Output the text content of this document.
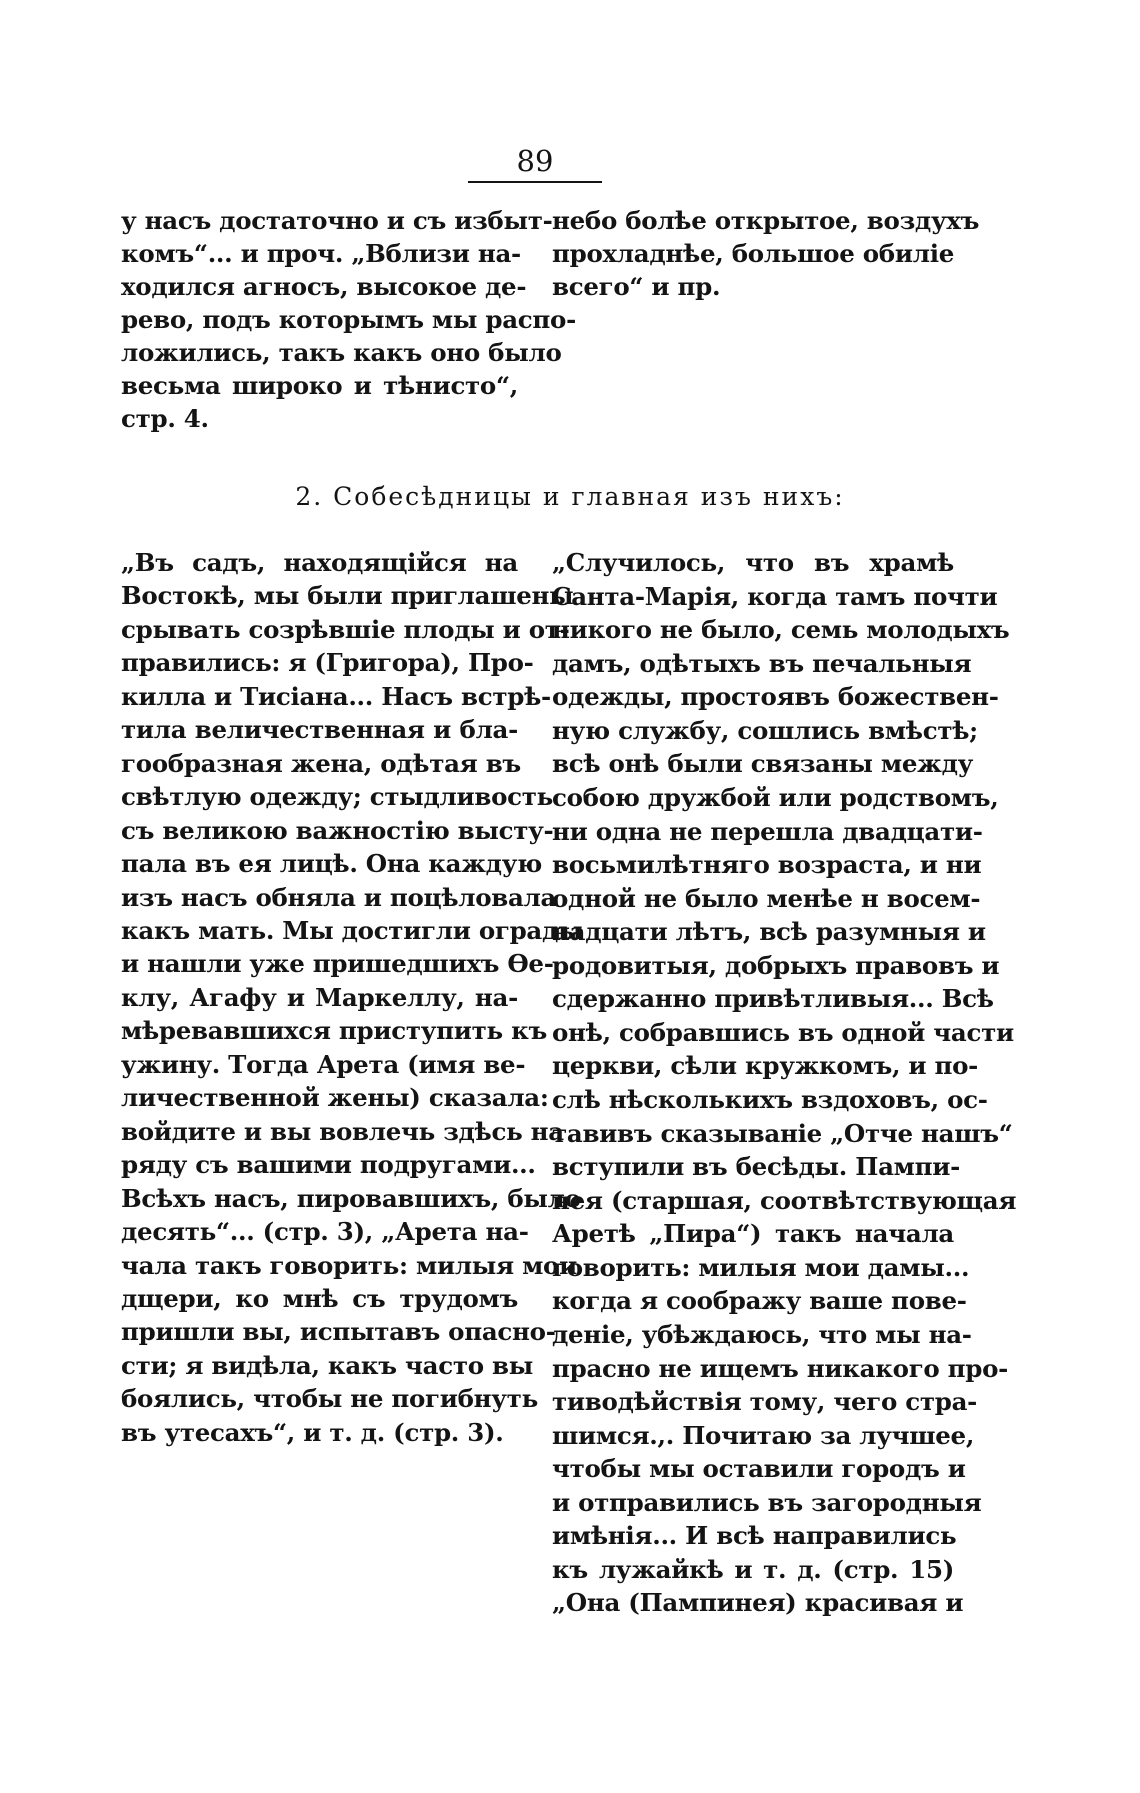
89
у насъ достаточно и съ избыт-
комъ“... и проч. „Вблизи на-
ходился агносъ, высокое де-
рево, подъ которымъ мы распо-
ложились, такъ какъ оно было
весьма широко и тѣнисто“,
стр. 4.
небо болѣе открытое, воздухъ
прохладнѣе, большое обиліе
всего“ и пр.
2. Собесѣдницы и главная изъ нихъ:
„Въ садъ, находящійся на
Востокѣ, мы были приглашены
срывать созрѣвшіе плоды и от-
правились: я (Григора), Про-
килла и Тисіана... Насъ встрѣ-
тила величественная и бла-
гообразная жена, одѣтая въ
свѣтлую одежду; стыдливость
съ великою важностію высту-
пала въ ея лицѣ. Она каждую
изъ насъ обняла и поцѣловала
какъ мать. Мы достигли ограды
и нашли уже пришедшихъ Ѳе-
клу, Агафу и Маркеллу, на-
мѣревавшихся приступить къ
ужину. Тогда Арета (имя ве-
личественной жены) сказала:
войдите и вы вовлечь здѣсь на
ряду съ вашими подругами...
Всѣхъ насъ, пировавшихъ, было
десять“... (стр. 3), „Арета на-
чала такъ говорить: милыя мои
дщери, ко мнѣ съ трудомъ
пришли вы, испытавъ опасно-
сти; я видѣла, какъ часто вы
боялись, чтобы не погибнуть
въ утесахъ“, и т. д. (стр. 3).
„Случилось, что въ храмѣ
Санта-Марія, когда тамъ почти
никого не было, семь молодыхъ
дамъ, одѣтыхъ въ печальныя
одежды, простоявъ божествен-
ную службу, сошлись вмѣстѣ;
всѣ онѣ были связаны между
собою дружбой или родствомъ,
ни одна не перешла двадцати-
восьмилѣтняго возраста, и ни
одной не было менѣе н восем-
надцати лѣтъ, всѣ разумныя и
родовитыя, добрыхъ правовъ и
сдержанно привѣтливыя... Всѣ
онѣ, собравшись въ одной части
церкви, сѣли кружкомъ, и по-
слѣ нѣсколькихъ вздоховъ, ос-
тавивъ сказываніе „Отче нашъ“
вступили въ бесѣды. Пампи-
нея (старшая, соотвѣтствующая
Аретѣ „Пира“) такъ начала
говорить: милыя мои дамы...
когда я соображу ваше пове-
деніе, убѣждаюсь, что мы на-
прасно не ищемъ никакого про-
тиводѣйствія тому, чего стра-
шимся.,. Почитаю за лучшее,
чтобы мы оставили городъ и
и отправились въ загородныя
имѣнія... И всѣ направились
къ лужайкѣ и т. д. (стр. 15)
„Она (Пампинея) красивая и
